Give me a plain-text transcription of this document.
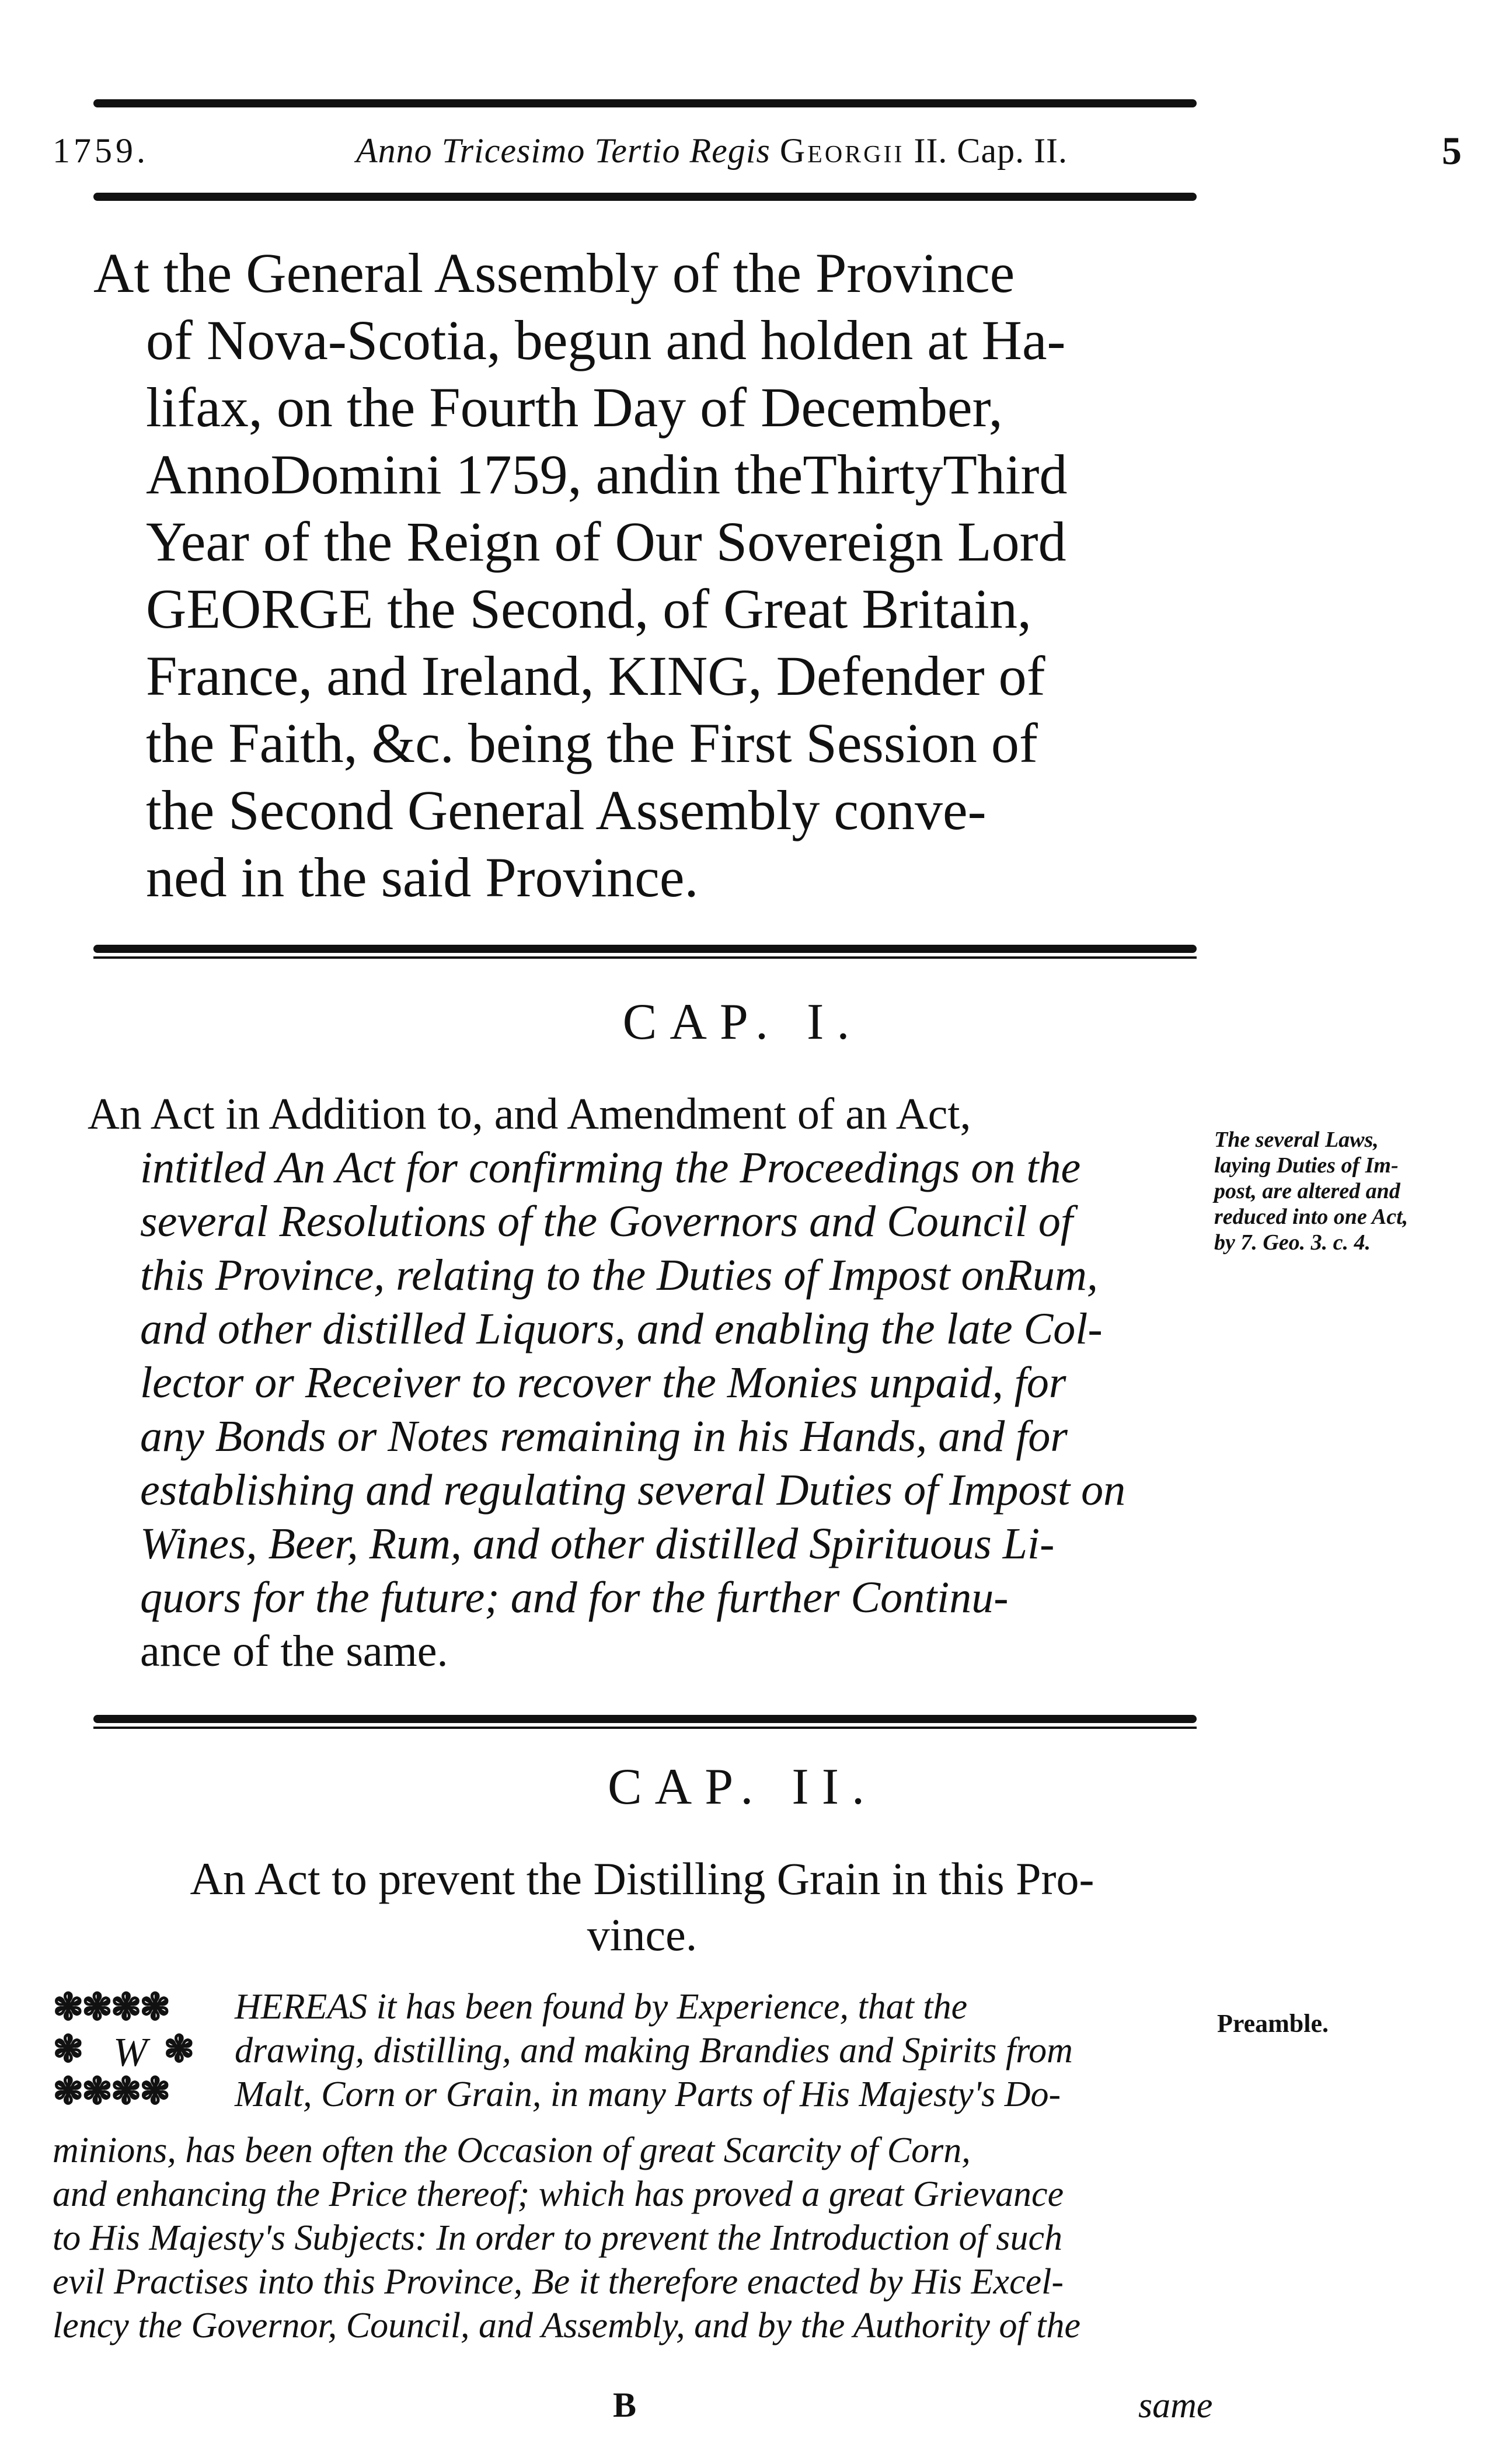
1759.	Anno Tricesimo Tertio Regis Georgii II. Cap. II.	5
At the General Assembly of the Province
of Nova-Scotia, begun and holden at Ha-
lifax, on the Fourth Day of December,
AnnoDomini 1759, andin theThirtyThird
Year of the Reign of Our Sovereign Lord
GEORGE the Second, of Great Britain,
France, and Ireland, KING, Defender of
the Faith, &c. being the First Session of
the Second General Assembly conve-
ned in the said Province.
CAP. I.
An Act in Addition to, and Amendment of an Act,
intitled An Act for confirming the Proceedings on the
several Resolutions of the Governors and Council of
this Province, relating to the Duties of Impost onRum,
and other distilled Liquors, and enabling the late Col-
lector or Receiver to recover the Monies unpaid, for
any Bonds or Notes remaining in his Hands, and for
establishing and regulating several Duties of Impost on
Wines, Beer, Rum, and other distilled Spirituous Li-
quors for the future; and for the further Continu-
ance of the same.
The several Laws,
laying Duties of Im-
post, are altered and
reduced into one Act,
by 7. Geo. 3. c. 4.
CAP. II.
An Act to prevent the Distilling Grain in this Pro-
vince.
❃❃❃❃
❃ W ❃
❃❃❃❃
HEREAS it has been found by Experience, that the
drawing, distilling, and making Brandies and Spirits from
Malt, Corn or Grain, in many Parts of His Majesty's Do-
minions, has been often the Occasion of great Scarcity of Corn,
and enhancing the Price thereof; which has proved a great Grievance
to His Majesty's Subjects: In order to prevent the Introduction of such
evil Practises into this Province, Be it therefore enacted by His Excel-
lency the Governor, Council, and Assembly, and by the Authority of the
Preamble.
B	same
